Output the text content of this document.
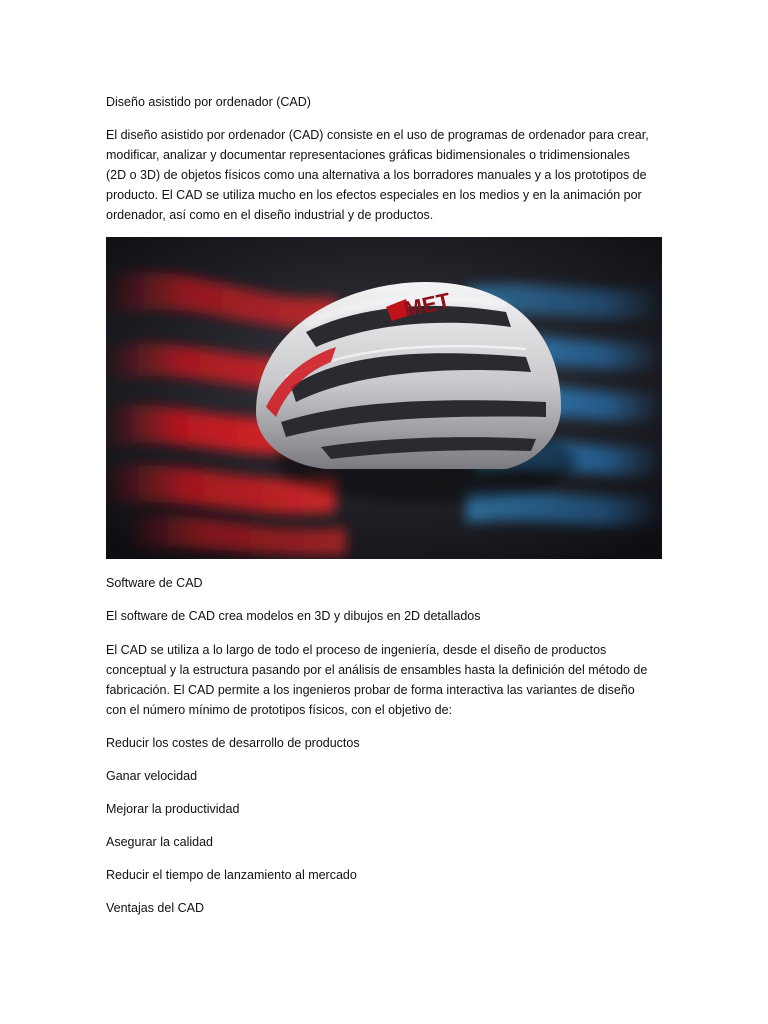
Diseño asistido por ordenador (CAD)

El diseño asistido por ordenador (CAD) consiste en el uso de programas de ordenador para crear,
modificar, analizar y documentar representaciones gráficas bidimensionales o tridimensionales
(2D o 3D) de objetos físicos como una alternativa a los borradores manuales y a los prototipos de
producto. El CAD se utiliza mucho en los efectos especiales en los medios y en la animación por
ordenador, así como en el diseño industrial y de productos.
MET

Software de CAD

El software de CAD crea modelos en 3D y dibujos en 2D detallados

El CAD se utiliza a lo largo de todo el proceso de ingeniería, desde el diseño de productos
conceptual y la estructura pasando por el análisis de ensambles hasta la definición del método de
fabricación. El CAD permite a los ingenieros probar de forma interactiva las variantes de diseño
con el número mínimo de prototipos físicos, con el objetivo de:

Reducir los costes de desarrollo de productos

Ganar velocidad

Mejorar la productividad

Asegurar la calidad

Reducir el tiempo de lanzamiento al mercado

Ventajas del CAD
